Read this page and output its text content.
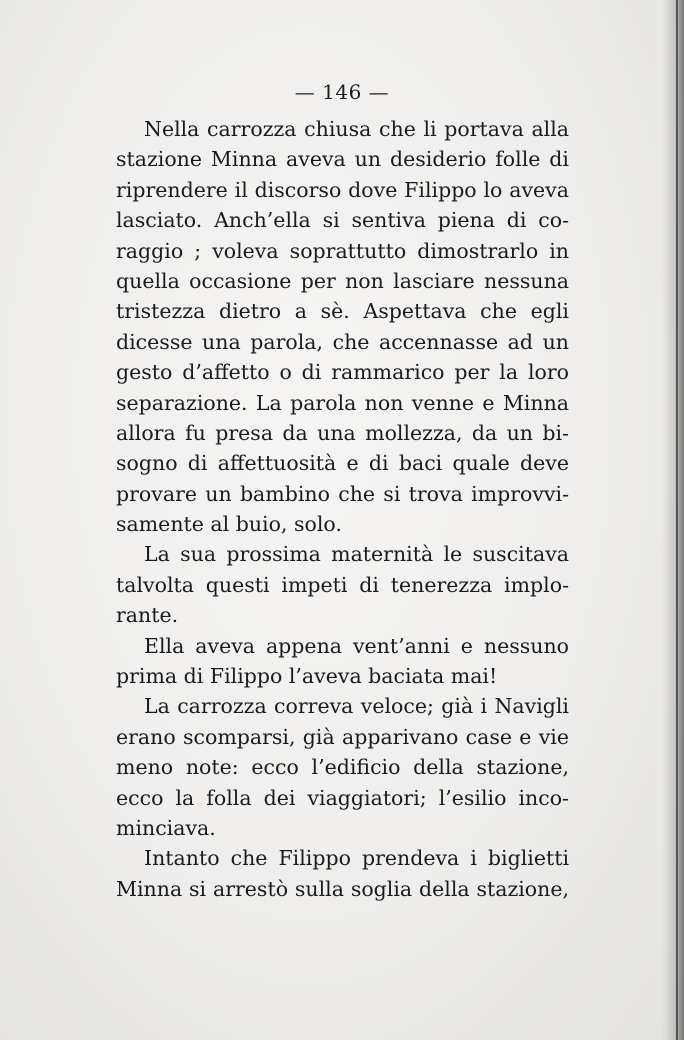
— 146 —
Nella carrozza chiusa che li portava alla
stazione Minna aveva un desiderio folle di
riprendere il discorso dove Filippo lo aveva
lasciato. Anch’ella si sentiva piena di co-
raggio ; voleva soprattutto dimostrarlo in
quella occasione per non lasciare nessuna
tristezza dietro a sè. Aspettava che egli
dicesse una parola, che accennasse ad un
gesto d’affetto o di rammarico per la loro
separazione. La parola non venne e Minna
allora fu presa da una mollezza, da un bi-
sogno di affettuosità e di baci quale deve
provare un bambino che si trova improvvi-
samente al buio, solo.
La sua prossima maternità le suscitava
talvolta questi impeti di tenerezza implo-
rante.
Ella aveva appena vent’anni e nessuno
prima di Filippo l’aveva baciata mai!
La carrozza correva veloce; già i Navigli
erano scomparsi, già apparivano case e vie
meno note: ecco l’edificio della stazione,
ecco la folla dei viaggiatori; l’esilio inco-
minciava.
Intanto che Filippo prendeva i biglietti
Minna si arrestò sulla soglia della stazione,
